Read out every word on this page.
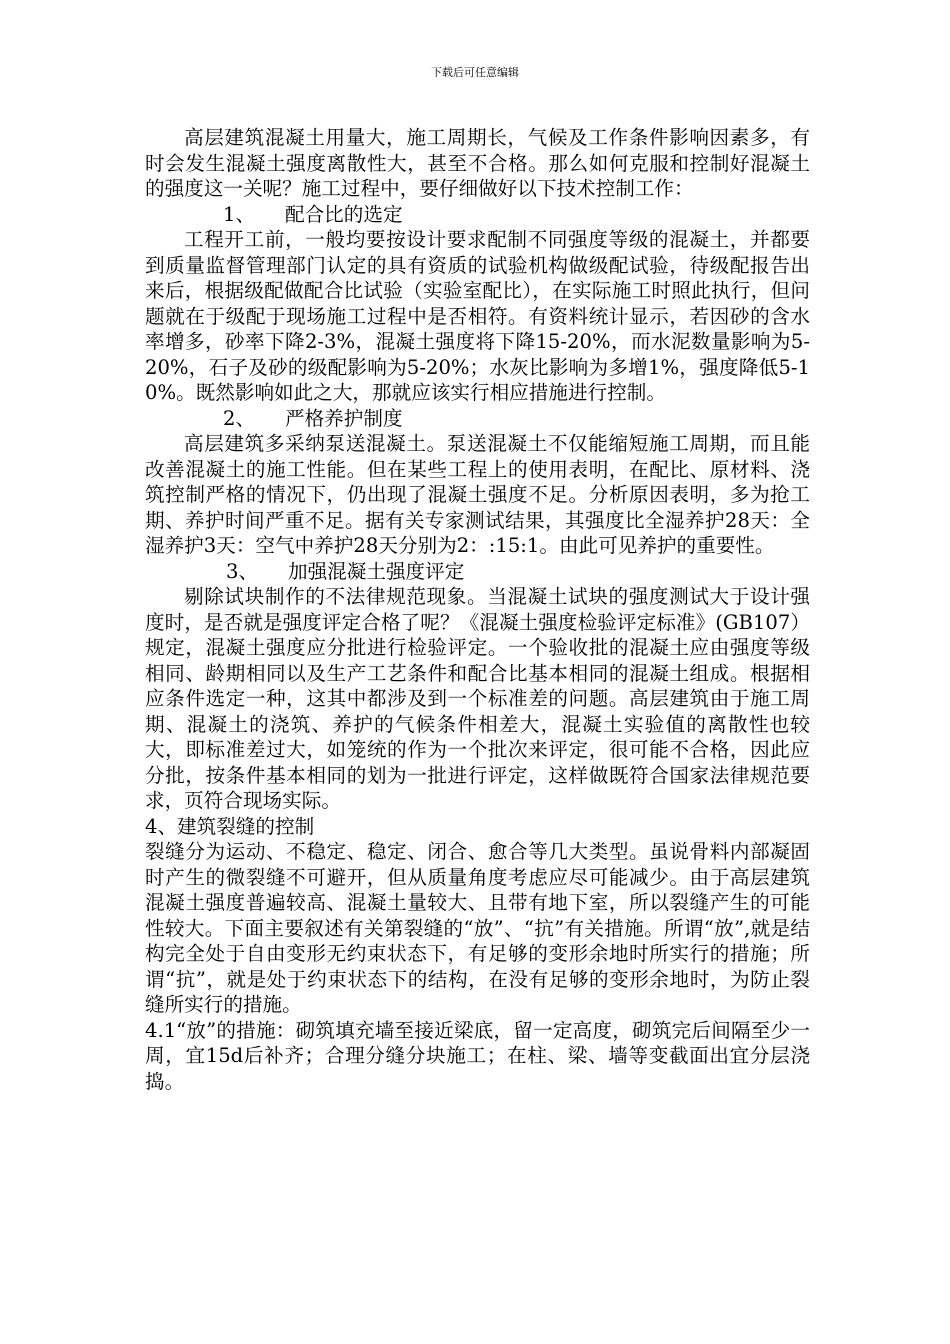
下载后可任意编辑

高层建筑混凝土用量大，施工周期长，气候及工作条件影响因素多，有时会发生混凝土强度离散性大，甚至不合格。那么如何克服和控制好混凝土的强度这一关呢？施工过程中，要仔细做好以下技术控制工作：

1、 配合比的选定

工程开工前，一般均要按设计要求配制不同强度等级的混凝土，并都要到质量监督管理部门认定的具有资质的试验机构做级配试验，待级配报告出来后，根据级配做配合比试验（实验室配比），在实际施工时照此执行，但问题就在于级配于现场施工过程中是否相符。有资料统计显示，若因砂的含水率增多，砂率下降2-3%，混凝土强度将下降15-20%，而水泥数量影响为5-20%，石子及砂的级配影响为5-20%；水灰比影响为多增1%，强度降低5-10%。既然影响如此之大，那就应该实行相应措施进行控制。

2、 严格养护制度

高层建筑多采纳泵送混凝土。泵送混凝土不仅能缩短施工周期，而且能改善混凝土的施工性能。但在某些工程上的使用表明，在配比、原材料、浇筑控制严格的情况下，仍出现了混凝土强度不足。分析原因表明，多为抢工期、养护时间严重不足。据有关专家测试结果，其强度比全湿养护28天：全湿养护3天：空气中养护28天分别为2：:15:1。由此可见养护的重要性。

3、 加强混凝土强度评定

剔除试块制作的不法律规范现象。当混凝土试块的强度测试大于设计强度时，是否就是强度评定合格了呢？《混凝土强度检验评定标准》(GB107）规定，混凝土强度应分批进行检验评定。一个验收批的混凝土应由强度等级相同、龄期相同以及生产工艺条件和配合比基本相同的混凝土组成。根据相应条件选定一种，这其中都涉及到一个标准差的问题。高层建筑由于施工周期、混凝土的浇筑、养护的气候条件相差大，混凝土实验值的离散性也较大，即标准差过大，如笼统的作为一个批次来评定，很可能不合格，因此应分批，按条件基本相同的划为一批进行评定，这样做既符合国家法律规范要求，页符合现场实际。

4、建筑裂缝的控制

裂缝分为运动、不稳定、稳定、闭合、愈合等几大类型。虽说骨料内部凝固时产生的微裂缝不可避开，但从质量角度考虑应尽可能减少。由于高层建筑混凝土强度普遍较高、混凝土量较大、且带有地下室，所以裂缝产生的可能性较大。下面主要叙述有关第裂缝的“放”、“抗”有关措施。所谓“放”,就是结构完全处于自由变形无约束状态下，有足够的变形余地时所实行的措施；所谓“抗”，就是处于约束状态下的结构，在没有足够的变形余地时，为防止裂缝所实行的措施。

4.1“放”的措施：砌筑填充墙至接近梁底，留一定高度，砌筑完后间隔至少一周，宜15d后补齐；合理分缝分块施工；在柱、梁、墙等变截面出宜分层浇捣。
